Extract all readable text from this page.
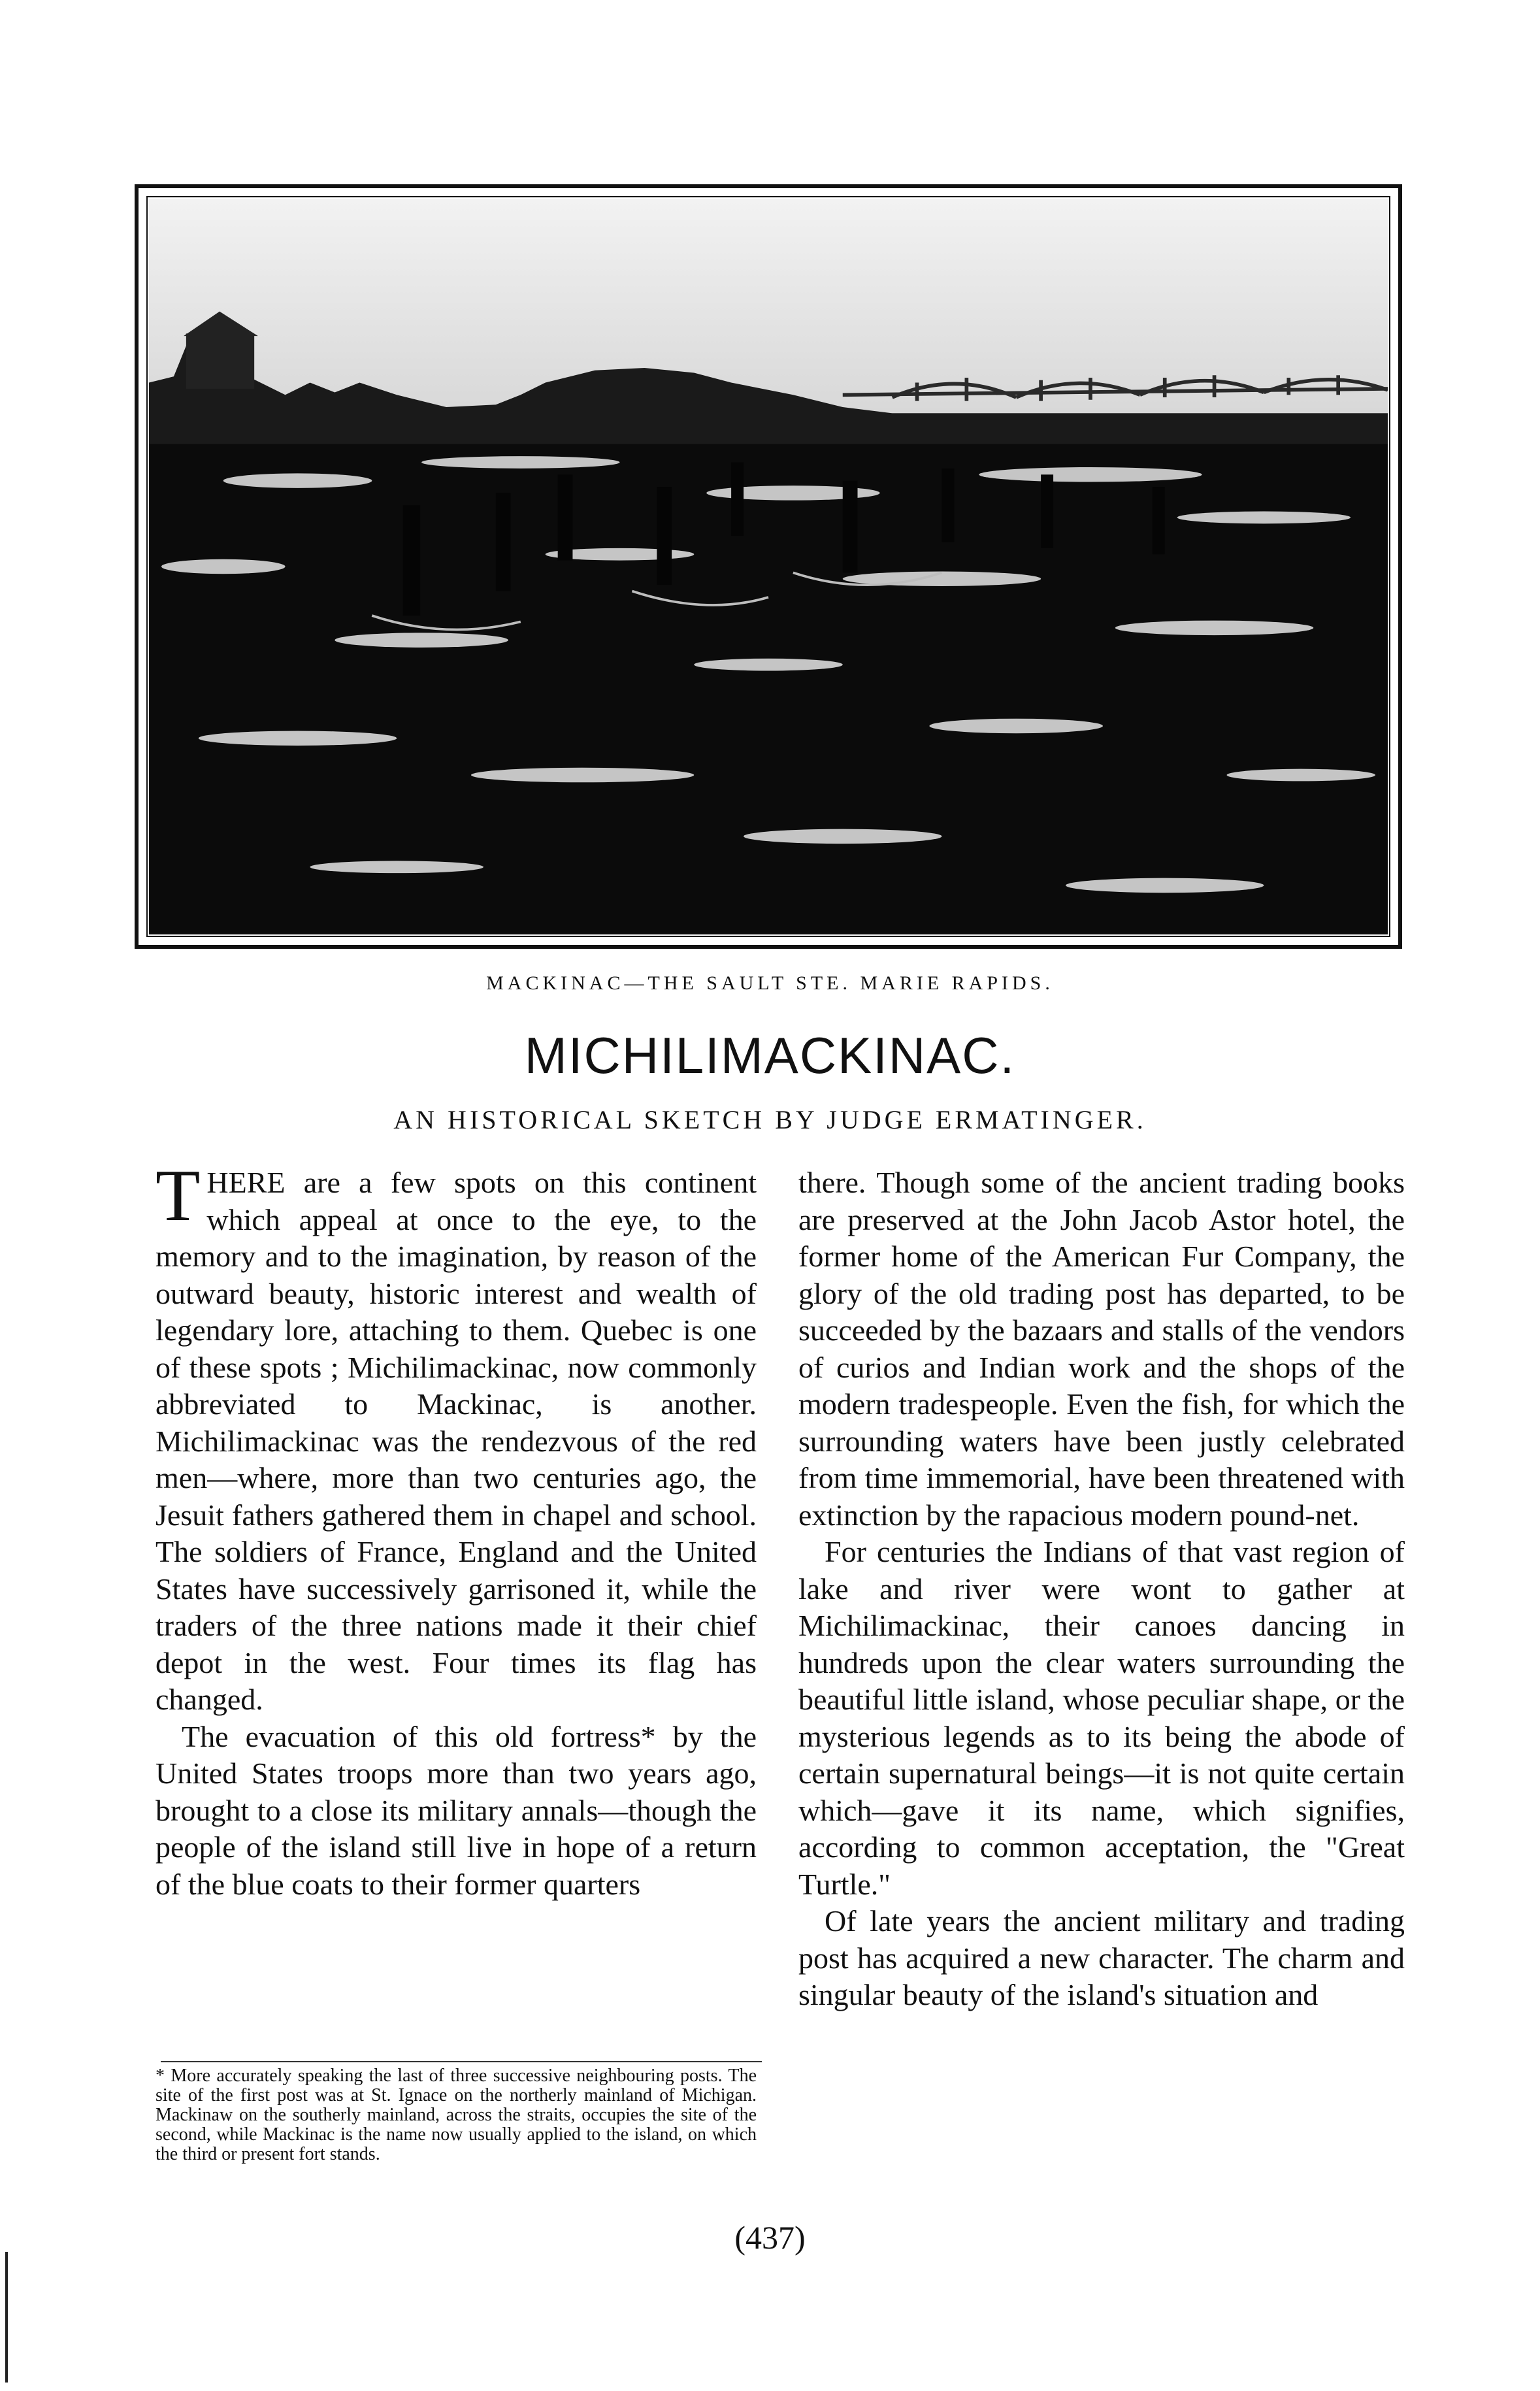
MACKINAC—THE SAULT STE. MARIE RAPIDS.
MICHILIMACKINAC.
AN HISTORICAL SKETCH BY JUDGE ERMATINGER.

THERE are a few spots on this continent which appeal at once to the eye, to the memory and to the imagination, by reason of the outward beauty, historic interest and wealth of legendary lore, attaching to them. Quebec is one of these spots ; Michilimackinac, now commonly abbreviated to Mackinac, is another. Michilimackinac was the rendezvous of the red men—where, more than two centuries ago, the Jesuit fathers gathered them in chapel and school. The soldiers of France, England and the United States have successively garrisoned it, while the traders of the three nations made it their chief depot in the west. Four times its flag has changed.

The evacuation of this old fortress* by the United States troops more than two years ago, brought to a close its military annals—though the people of the island still live in hope of a return of the blue coats to their former quarters

there. Though some of the ancient trading books are preserved at the John Jacob Astor hotel, the former home of the American Fur Company, the glory of the old trading post has departed, to be succeeded by the bazaars and stalls of the vendors of curios and Indian work and the shops of the modern tradespeople. Even the fish, for which the surrounding waters have been justly celebrated from time immemorial, have been threatened with extinction by the rapacious modern pound-net.

For centuries the Indians of that vast region of lake and river were wont to gather at Michilimackinac, their canoes dancing in hundreds upon the clear waters surrounding the beautiful little island, whose peculiar shape, or the mysterious legends as to its being the abode of certain supernatural beings—it is not quite certain which—gave it its name, which signifies, according to common acceptation, the "Great Turtle."

Of late years the ancient military and trading post has acquired a new character. The charm and singular beauty of the island's situation and

* More accurately speaking the last of three successive neighbouring posts. The site of the first post was at St. Ignace on the northerly mainland of Michigan. Mackinaw on the southerly mainland, across the straits, occupies the site of the second, while Mackinac is the name now usually applied to the island, on which the third or present fort stands.
(437)
